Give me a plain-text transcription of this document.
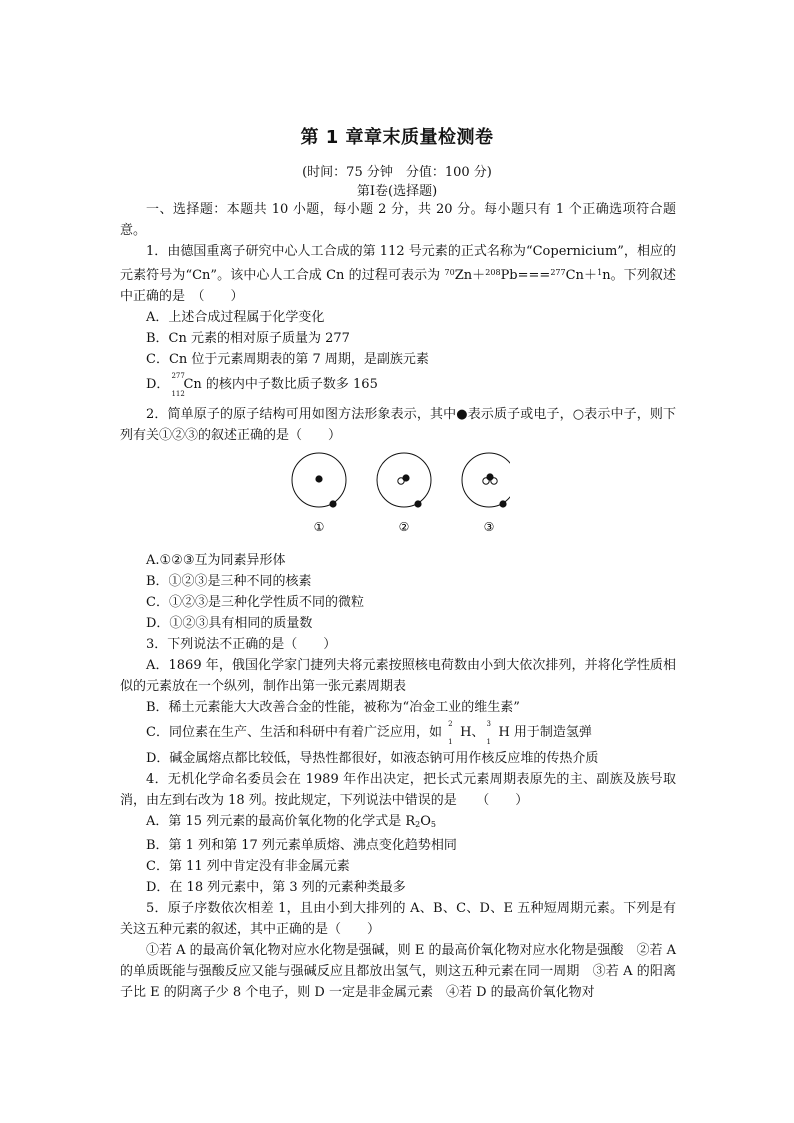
第 1 章章末质量检测卷
(时间：75 分钟　分值：100 分)
第Ⅰ卷(选择题)

一、选择题：本题共 10 小题，每小题 2 分，共 20 分。每小题只有 1 个正确选项符合题意。

1．由德国重离子研究中心人工合成的第 112 号元素的正式名称为“Copernicium”，相应的元素符号为“Cn”。该中心人工合成 Cn 的过程可表示为 $^{70}$Zn＋$^{208}$Pb===$^{277}$Cn＋$^1$n。下列叙述中正确的是　（　　）

A．上述合成过程属于化学变化

B．Cn 元素的相对原子质量为 277

C．Cn 位于元素周期表的第 7 周期，是副族元素

D．
277
112
Cn 的核内中子数比质子数多 165

2．简单原子的原子结构可用如图方法形象表示，其中●表示质子或电子，○表示中子，则下列有关①②③的叙述正确的是（　　）

①	②	③

A.①②③互为同素异形体

B．①②③是三种不同的核素

C．①②③是三种化学性质不同的微粒

D．①②③具有相同的质量数

3．下列说法不正确的是（　　）

A．1869 年，俄国化学家门捷列夫将元素按照核电荷数由小到大依次排列，并将化学性质相似的元素放在一个纵列，制作出第一张元素周期表

B．稀土元素能大大改善合金的性能，被称为“冶金工业的维生素”

C．同位素在生产、生活和科研中有着广泛应用，如
2
1
H、
3
1
H 用于制造氢弹

D．碱金属熔点都比较低，导热性都很好，如液态钠可用作核反应堆的传热介质

4．无机化学命名委员会在 1989 年作出决定，把长式元素周期表原先的主、副族及族号取消，由左到右改为 18 列。按此规定，下列说法中错误的是　　（　　）

A．第 15 列元素的最高价氧化物的化学式是 $R_2O_5$

B．第 1 列和第 17 列元素单质熔、沸点变化趋势相同

C．第 11 列中肯定没有非金属元素

D．在 18 列元素中，第 3 列的元素种类最多

5．原子序数依次相差 1，且由小到大排列的 A、B、C、D、E 五种短周期元素。下列是有关这五种元素的叙述，其中正确的是（　　）

①若 A 的最高价氧化物对应水化物是强碱，则 E 的最高价氧化物对应水化物是强酸　②若 A 的单质既能与强酸反应又能与强碱反应且都放出氢气，则这五种元素在同一周期　③若 A 的阳离子比 E 的阴离子少 8 个电子，则 D 一定是非金属元素　④若 D 的最高价氧化物对
